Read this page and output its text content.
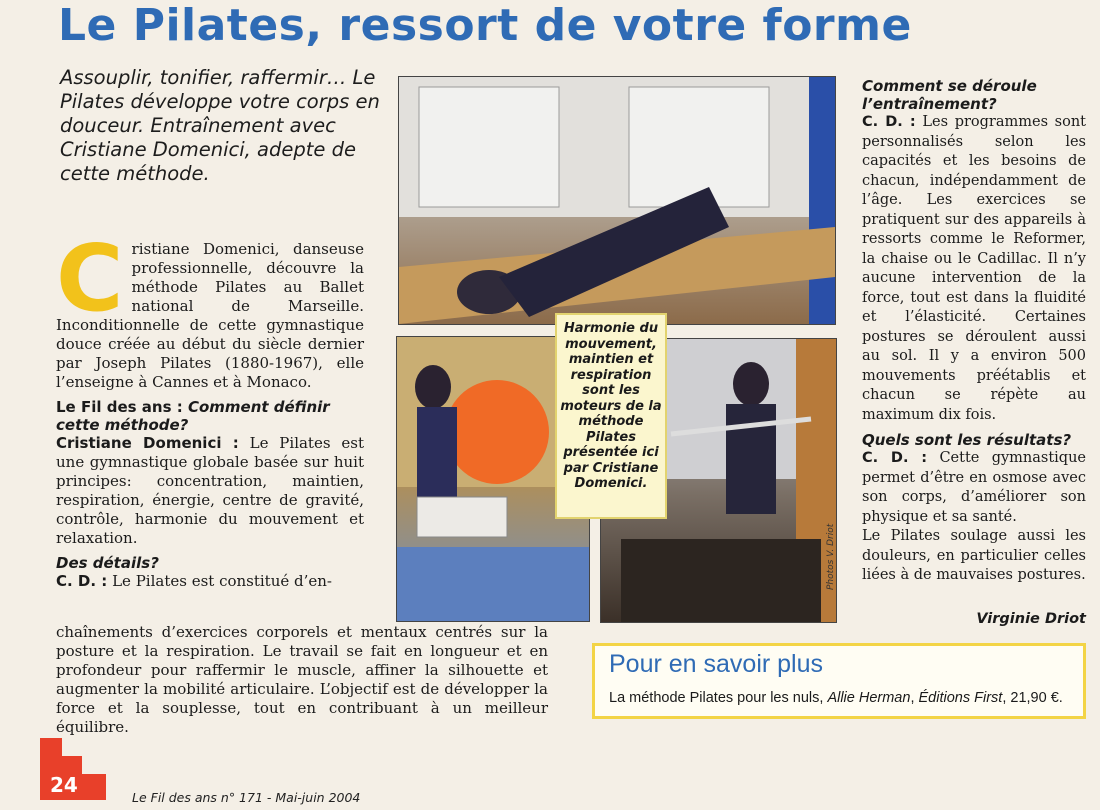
Le Pilates, ressort de votre forme
Assouplir, tonifier, raffermir… Le Pilates développe votre corps en douceur. Entraînement avec Cristiane Domenici, adepte de cette méthode.

Cristiane Domenici, danseuse professionnelle, découvre la méthode Pilates au Ballet national de Marseille. Inconditionnelle de cette gymnastique douce créée au début du siècle dernier par Joseph Pilates (1880-1967), elle l’enseigne à Cannes et à Monaco.

Le Fil des ans : Comment définir cette méthode?

Cristiane Domenici : Le Pilates est une gymnastique globale basée sur huit principes: concentration, maintien, respiration, énergie, centre de gravité, contrôle, harmonie du mouvement et relaxation.

Des détails?

C. D. : Le Pilates est constitué d’en-

chaînements d’exercices corporels et mentaux centrés sur la posture et la respiration. Le travail se fait en longueur et en profondeur pour raffermir le muscle, affiner la silhouette et augmenter la mobilité articulaire. L’objectif est de développer la force et la souplesse, tout en contribuant à un meilleur équilibre.

Harmonie du mouvement, maintien et respiration sont les moteurs de la méthode Pilates présentée ici par Cristiane Domenici.
Photos V. Driot

Comment se déroule l’entraînement?

C. D. : Les programmes sont personnalisés selon les capacités et les besoins de chacun, indépendamment de l’âge. Les exercices se pratiquent sur des appareils à ressorts comme le Reformer, la chaise ou le Cadillac. Il n’y aucune intervention de la force, tout est dans la fluidité et l’élasticité. Certaines postures se déroulent aussi au sol. Il y a environ 500 mouvements préétablis et chacun se répète au maximum dix fois.

Quels sont les résultats?

C. D. : Cette gymnastique permet d’être en osmose avec son corps, d’améliorer son physique et sa santé.

Le Pilates soulage aussi les douleurs, en particulier celles liées à de mauvaises postures.

Virginie Driot
Pour en savoir plus
La méthode Pilates pour les nuls, Allie Herman, Éditions First, 21,90 €.
24
Le Fil des ans n° 171 - Mai-juin 2004
